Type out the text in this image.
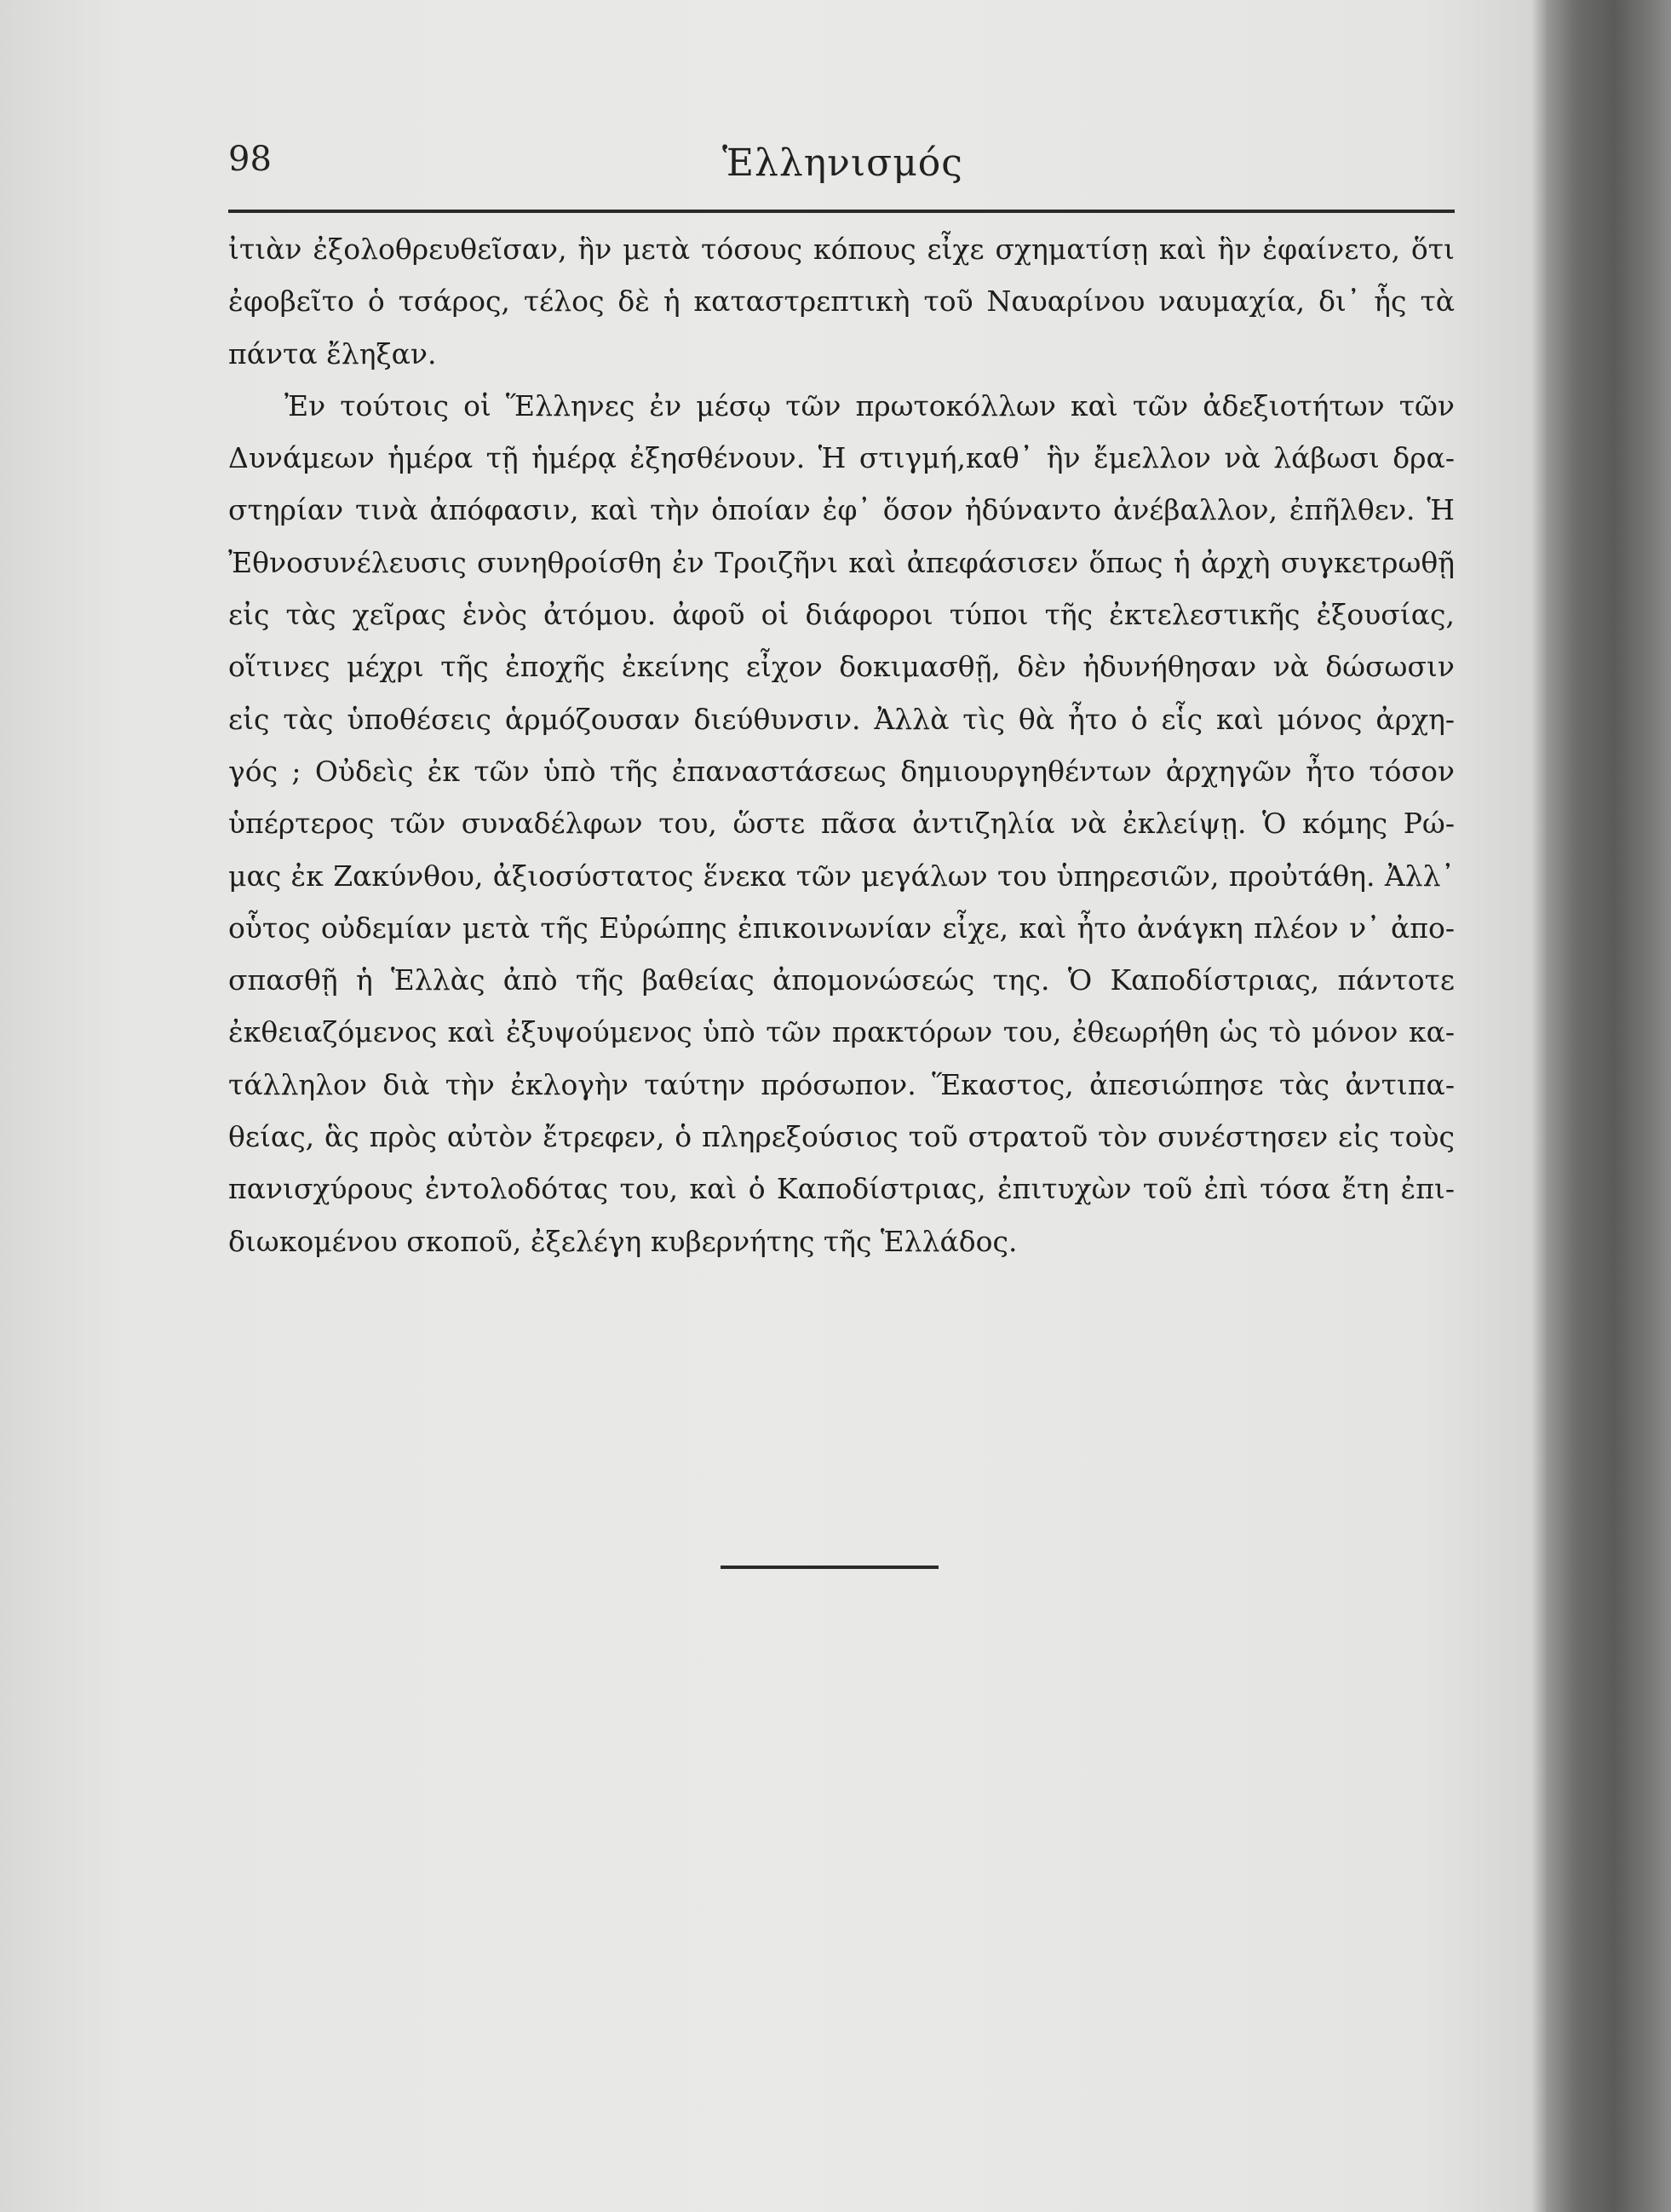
98	Ἑλληνισμός
ἰτιὰν ἐξολοθρευθεῖσαν, ἣν μετὰ τόσους κόπους εἶχε σχηματίσῃ καὶ ἣν ἐφαίνετο, ὅτι
ἐφοβεῖτο ὁ τσάρος, τέλος δὲ ἡ καταστρεπτικὴ τοῦ Ναυαρίνου ναυμαχία, δι᾽ ἧς τὰ
πάντα ἔληξαν.
Ἐν τούτοις οἱ Ἕλληνες ἐν μέσῳ τῶν πρωτοκόλλων καὶ τῶν ἀδεξιοτήτων τῶν
Δυνάμεων ἡμέρα τῇ ἡμέρᾳ ἐξησθένουν. Ἡ στιγμή,καθ᾽ ἣν ἔμελλον νὰ λάβωσι δρα-
στηρίαν τινὰ ἀπόφασιν, καὶ τὴν ὁποίαν ἐφ᾽ ὅσον ἠδύναντο ἀνέβαλλον, ἐπῆλθεν. Ἡ
Ἐθνοσυνέλευσις συνηθροίσθη ἐν Τροιζῆνι καὶ ἀπεφάσισεν ὅπως ἡ ἀρχὴ συγκετρωθῇ
εἰς τὰς χεῖρας ἑνὸς ἀτόμου. ἀφοῦ οἱ διάφοροι τύποι τῆς ἐκτελεστικῆς ἐξουσίας,
οἵτινες μέχρι τῆς ἐποχῆς ἐκείνης εἶχον δοκιμασθῇ, δὲν ἠδυνήθησαν νὰ δώσωσιν
εἰς τὰς ὑποθέσεις ἁρμόζουσαν διεύθυνσιν. Ἀλλὰ τὶς θὰ ἦτο ὁ εἷς καὶ μόνος ἀρχη-
γός ; Οὐδεὶς ἐκ τῶν ὑπὸ τῆς ἐπαναστάσεως δημιουργηθέντων ἀρχηγῶν ἦτο τόσον
ὑπέρτερος τῶν συναδέλφων του, ὥστε πᾶσα ἀντιζηλία νὰ ἐκλείψῃ. Ὁ κόμης Ρώ-
μας ἐκ Ζακύνθου, ἀξιοσύστατος ἕνεκα τῶν μεγάλων του ὑπηρεσιῶν, προὐτάθη. Ἀλλ᾽
οὗτος οὐδεμίαν μετὰ τῆς Εὐρώπης ἐπικοινωνίαν εἶχε, καὶ ἦτο ἀνάγκη πλέον ν᾽ ἀπο-
σπασθῇ ἡ Ἑλλὰς ἀπὸ τῆς βαθείας ἀπομονώσεώς της. Ὁ Καποδίστριας, πάντοτε
ἐκθειαζόμενος καὶ ἐξυψούμενος ὑπὸ τῶν πρακτόρων του, ἐθεωρήθη ὡς τὸ μόνον κα-
τάλληλον διὰ τὴν ἐκλογὴν ταύτην πρόσωπον. Ἕκαστος, ἀπεσιώπησε τὰς ἀντιπα-
θείας, ἃς πρὸς αὐτὸν ἔτρεφεν, ὁ πληρεξούσιος τοῦ στρατοῦ τὸν συνέστησεν εἰς τοὺς
πανισχύρους ἐντολοδότας του, καὶ ὁ Καποδίστριας, ἐπιτυχὼν τοῦ ἐπὶ τόσα ἔτη ἐπι-
διωκομένου σκοποῦ, ἐξελέγη κυβερνήτης τῆς Ἑλλάδος.
